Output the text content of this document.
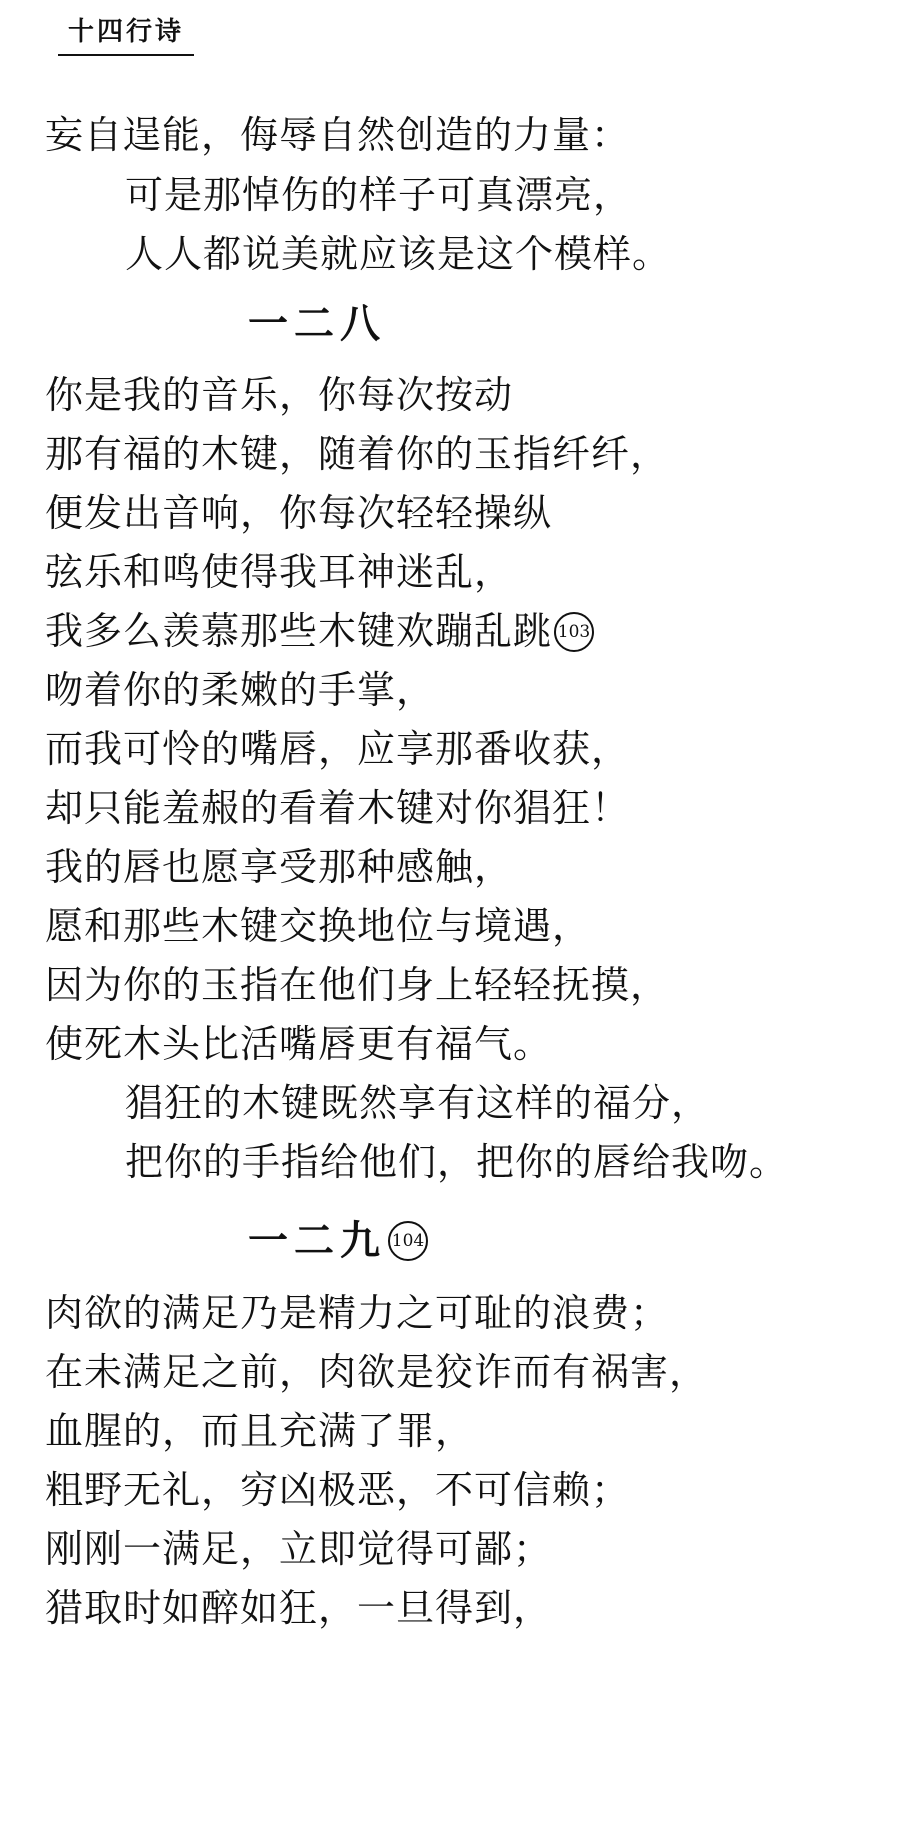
十四行诗
妄自逞能，侮辱自然创造的力量：
可是那悼伤的样子可真漂亮，
人人都说美就应该是这个模样。
一二八
你是我的音乐，你每次按动
那有福的木键，随着你的玉指纤纤，
便发出音响，你每次轻轻操纵
弦乐和鸣使得我耳神迷乱，
我多么羡慕那些木键欢蹦乱跳 103
吻着你的柔嫩的手掌，
而我可怜的嘴唇，应享那番收获，
却只能羞赧的看着木键对你猖狂！
我的唇也愿享受那种感触，
愿和那些木键交换地位与境遇，
因为你的玉指在他们身上轻轻抚摸，
使死木头比活嘴唇更有福气。
猖狂的木键既然享有这样的福分，
把你的手指给他们，把你的唇给我吻。
一二九 104
肉欲的满足乃是精力之可耻的浪费；
在未满足之前，肉欲是狡诈而有祸害，
血腥的，而且充满了罪，
粗野无礼，穷凶极恶，不可信赖；
刚刚一满足，立即觉得可鄙；
猎取时如醉如狂，一旦得到，
